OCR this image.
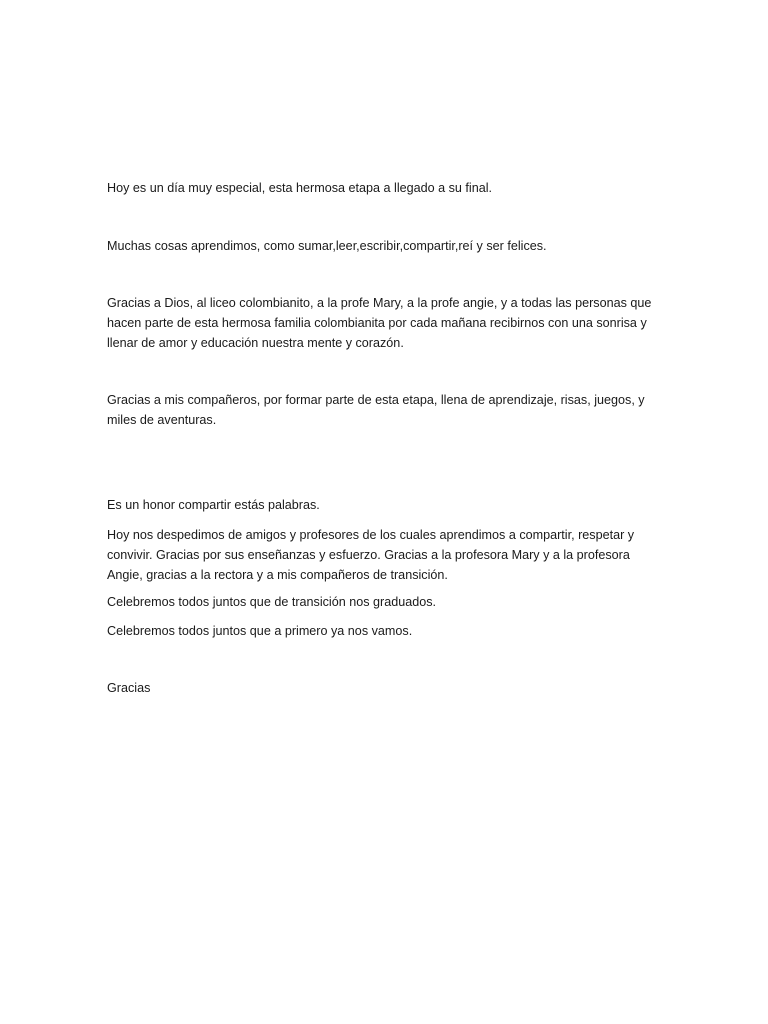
Hoy es un día muy especial, esta hermosa etapa a llegado a su final.

Muchas cosas aprendimos, como sumar,leer,escribir,compartir,reí y ser felices.

Gracias a Dios, al liceo colombianito, a la profe Mary, a la profe angie, y a todas las personas que hacen parte de esta hermosa familia colombianita por cada mañana recibirnos con una sonrisa y llenar de amor y educación nuestra mente y corazón.

Gracias a mis compañeros, por formar parte de esta etapa, llena de aprendizaje, risas, juegos, y miles de aventuras.

Es un honor compartir estás palabras.

Hoy nos despedimos de amigos y profesores de los cuales aprendimos a compartir, respetar y convivir. Gracias por sus enseñanzas y esfuerzo. Gracias a la profesora Mary y a la profesora Angie, gracias a la rectora y a mis compañeros de transición.

Celebremos todos juntos que de transición nos graduados.

Celebremos todos juntos que a primero ya nos vamos.

Gracias
